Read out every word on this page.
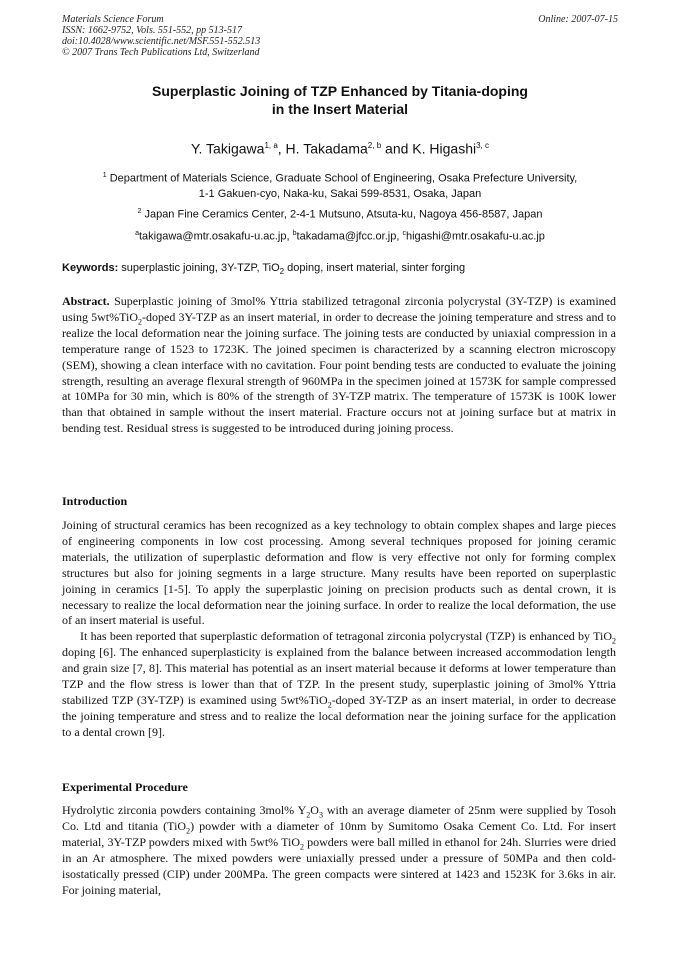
Materials Science Forum
ISSN: 1662-9752, Vols. 551-552, pp 513-517
doi:10.4028/www.scientific.net/MSF.551-552.513
© 2007 Trans Tech Publications Ltd, Switzerland
Online: 2007-07-15
Superplastic Joining of TZP Enhanced by Titania-doping
in the Insert Material
Y. Takigawa$^{1, a}$, H. Takadama$^{2, b}$ and K. Higashi$^{3, c}$
$^1$ Department of Materials Science, Graduate School of Engineering, Osaka Prefecture University,
1-1 Gakuen-cyo, Naka-ku, Sakai 599-8531, Osaka, Japan
$^2$ Japan Fine Ceramics Center, 2-4-1 Mutsuno, Atsuta-ku, Nagoya 456-8587, Japan
$^a$takigawa@mtr.osakafu-u.ac.jp, $^b$takadama@jfcc.or.jp, $^c$higashi@mtr.osakafu-u.ac.jp
Keywords: superplastic joining, 3Y-TZP, TiO$_2$ doping, insert material, sinter forging
Abstract. Superplastic joining of 3mol% Yttria stabilized tetragonal zirconia polycrystal (3Y-TZP) is examined using 5wt%TiO$_2$-doped 3Y-TZP as an insert material, in order to decrease the joining temperature and stress and to realize the local deformation near the joining surface. The joining tests are conducted by uniaxial compression in a temperature range of 1523 to 1723K. The joined specimen is characterized by a scanning electron microscopy (SEM), showing a clean interface with no cavitation. Four point bending tests are conducted to evaluate the joining strength, resulting an average flexural strength of 960MPa in the specimen joined at 1573K for sample compressed at 10MPa for 30 min, which is 80% of the strength of 3Y-TZP matrix. The temperature of 1573K is 100K lower than that obtained in sample without the insert material. Fracture occurs not at joining surface but at matrix in bending test. Residual stress is suggested to be introduced during joining process.
Introduction
Joining of structural ceramics has been recognized as a key technology to obtain complex shapes and large pieces of engineering components in low cost processing. Among several techniques proposed for joining ceramic materials, the utilization of superplastic deformation and flow is very effective not only for forming complex structures but also for joining segments in a large structure. Many results have been reported on superplastic joining in ceramics [1-5]. To apply the superplastic joining on precision products such as dental crown, it is necessary to realize the local deformation near the joining surface. In order to realize the local deformation, the use of an insert material is useful.
It has been reported that superplastic deformation of tetragonal zirconia polycrystal (TZP) is enhanced by TiO$_2$ doping [6]. The enhanced superplasticity is explained from the balance between increased accommodation length and grain size [7, 8]. This material has potential as an insert material because it deforms at lower temperature than TZP and the flow stress is lower than that of TZP. In the present study, superplastic joining of 3mol% Yttria stabilized TZP (3Y-TZP) is examined using 5wt%TiO$_2$-doped 3Y-TZP as an insert material, in order to decrease the joining temperature and stress and to realize the local deformation near the joining surface for the application to a dental crown [9].
Experimental Procedure
Hydrolytic zirconia powders containing 3mol% $Y_2O_3$ with an average diameter of 25nm were supplied by Tosoh Co. Ltd and titania (TiO$_2$) powder with a diameter of 10nm by Sumitomo Osaka Cement Co. Ltd. For insert material, 3Y-TZP powders mixed with 5wt% TiO$_2$ powders were ball milled in ethanol for 24h. Slurries were dried in an Ar atmosphere. The mixed powders were uniaxially pressed under a pressure of 50MPa and then cold-isostatically pressed (CIP) under 200MPa. The green compacts were sintered at 1423 and 1523K for 3.6ks in air. For joining material,
